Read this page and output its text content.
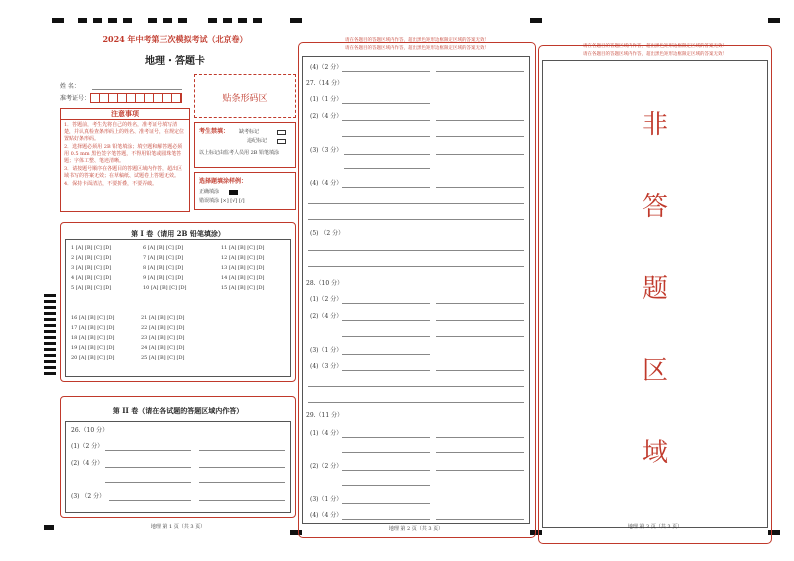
2024 年中考第三次模拟考试（北京卷）
地理・答题卡
姓 名：
准考证号：	贴条形码区
注意事项
1．答题前，考生先将自己的姓名，准考证号填写清楚，并认真检查条形码上的姓名、准考证号，在规定位置贴好条形码。
2．选择题必须用 2B 铅笔填涂；填空题和解答题必须用 0.5 mm 黑色签字笔答题，不得用铅笔或圆珠笔答题；字体工整、笔迹清晰。
3．请按题号顺序在各题目的答题区域内作答，超出区域书写的答案无效；在草稿纸、试题卷上答题无效。
4．保持卡面清洁，不要折叠，不要弄破。
考生禁填： 缺考标记
违纪标记
以上标记由监考人员用 2B 铅笔填涂
选择题填涂样例：
正确填涂
错误填涂 [×] [√] [/]
第 I 卷（请用 2B 铅笔填涂）
1 [A] [B] [C] [D]
2 [A] [B] [C] [D]
3 [A] [B] [C] [D]
4 [A] [B] [C] [D]
5 [A] [B] [C] [D]
6 [A] [B] [C] [D]
7 [A] [B] [C] [D]
8 [A] [B] [C] [D]
9 [A] [B] [C] [D]
10 [A] [B] [C] [D]
11 [A] [B] [C] [D]
12 [A] [B] [C] [D]
13 [A] [B] [C] [D]
14 [A] [B] [C] [D]
15 [A] [B] [C] [D]
16 [A] [B] [C] [D]
17 [A] [B] [C] [D]
18 [A] [B] [C] [D]
19 [A] [B] [C] [D]
20 [A] [B] [C] [D]
21 [A] [B] [C] [D]
22 [A] [B] [C] [D]
23 [A] [B] [C] [D]
24 [A] [B] [C] [D]
25 [A] [B] [C] [D]
第 II 卷（请在各试题的答题区域内作答）
26.（10 分）
(1)（2 分）
(2)（4 分）
(3) （2 分）
地理 第 1 页（共 3 页）
请在各题目的答题区域内作答，超出黑色矩形边框限定区域的答案无效！
请在各题目的答题区域内作答，超出黑色矩形边框限定区域的答案无效！
(4)（2 分）
27.（14 分）
(1)（1 分）
(2)（4 分）
(3)（3 分）
(4)（4 分）
(5) （2 分）
28.（10 分）
(1)（2 分）
(2)（4 分）
(3)（1 分）
(4)（3 分）
29.（11 分）
(1)（4 分）
(2)（2 分）
(3)（1 分）
(4)（4 分）
地理 第 2 页（共 3 页）
请在各题目的答题区域内作答，超出黑色矩形边框限定区域的答案无效！
请在各题目的答题区域内作答，超出黑色矩形边框限定区域的答案无效！
非
答
题
区
域
地理 第 3 页（共 3 页）
